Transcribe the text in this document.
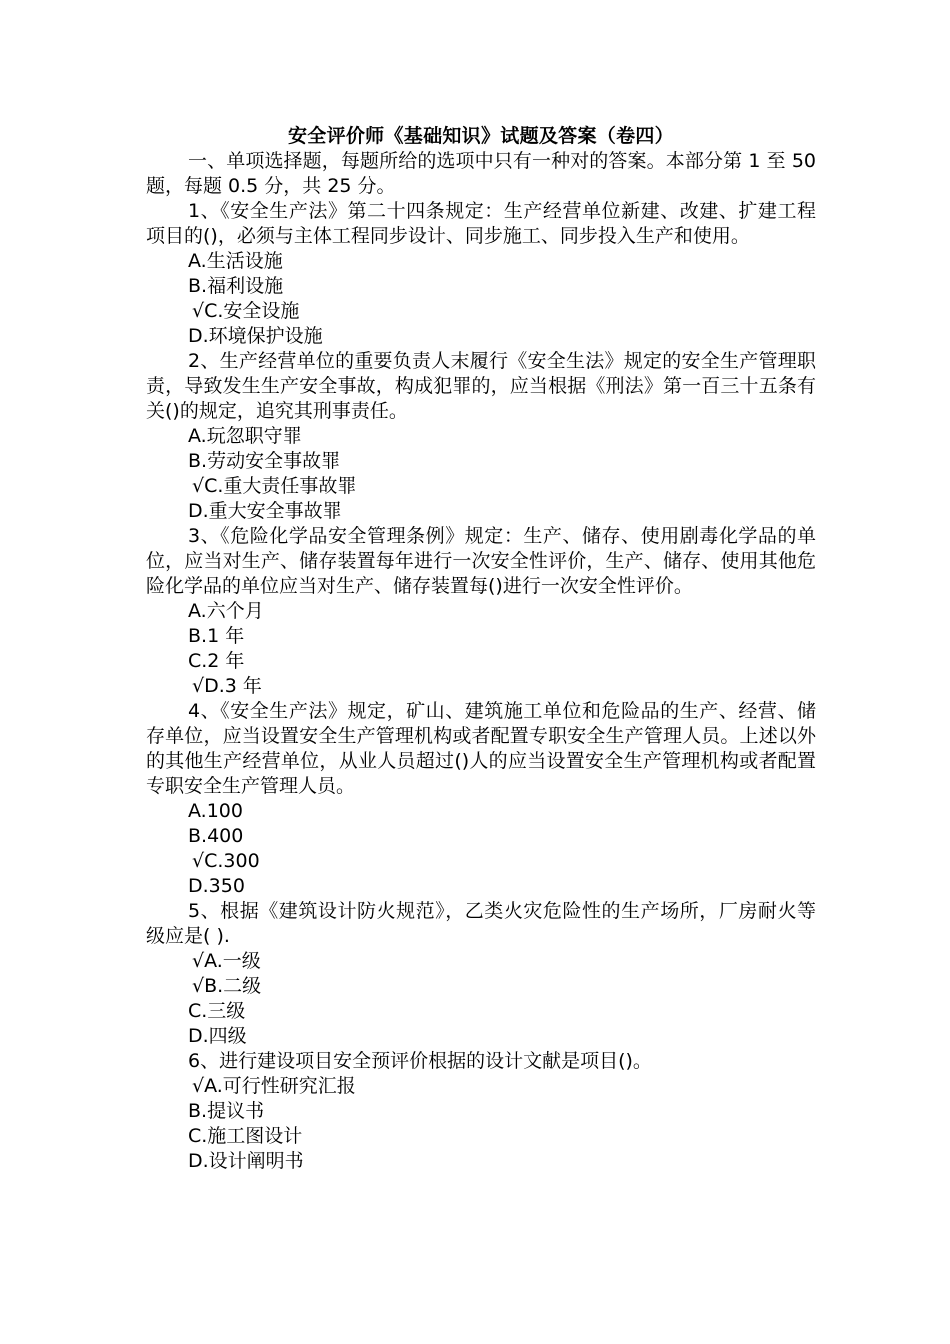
安全评价师《基础知识》试题及答案（卷四）

一、单项选择题，每题所给的选项中只有一种对的答案。本部分第 1 至 50 题，每题 0.5 分，共 25 分。

1、《安全生产法》第二十四条规定：生产经营单位新建、改建、扩建工程项目的()，必须与主体工程同步设计、同步施工、同步投入生产和使用。

A.生活设施
B.福利设施
√C.安全设施
D.环境保护设施

2、生产经营单位的重要负责人末履行《安全生法》规定的安全生产管理职责，导致发生生产安全事故，构成犯罪的，应当根据《刑法》第一百三十五条有关()的规定，追究其刑事责任。

A.玩忽职守罪
B.劳动安全事故罪
√C.重大责任事故罪
D.重大安全事故罪

3、《危险化学品安全管理条例》规定：生产、储存、使用剧毒化学品的单位，应当对生产、储存装置每年进行一次安全性评价，生产、储存、使用其他危险化学品的单位应当对生产、储存装置每()进行一次安全性评价。

A.六个月
B.1 年
C.2 年
√D.3 年

4、《安全生产法》规定，矿山、建筑施工单位和危险品的生产、经营、储存单位，应当设置安全生产管理机构或者配置专职安全生产管理人员。上述以外的其他生产经营单位，从业人员超过()人的应当设置安全生产管理机构或者配置专职安全生产管理人员。

A.100
B.400
√C.300
D.350

5、根据《建筑设计防火规范》，乙类火灾危险性的生产场所，厂房耐火等级应是( ).

√A.一级
√B.二级
C.三级
D.四级

6、进行建设项目安全预评价根据的设计文献是项目()。

√A.可行性研究汇报
B.提议书
C.施工图设计
D.设计阐明书
